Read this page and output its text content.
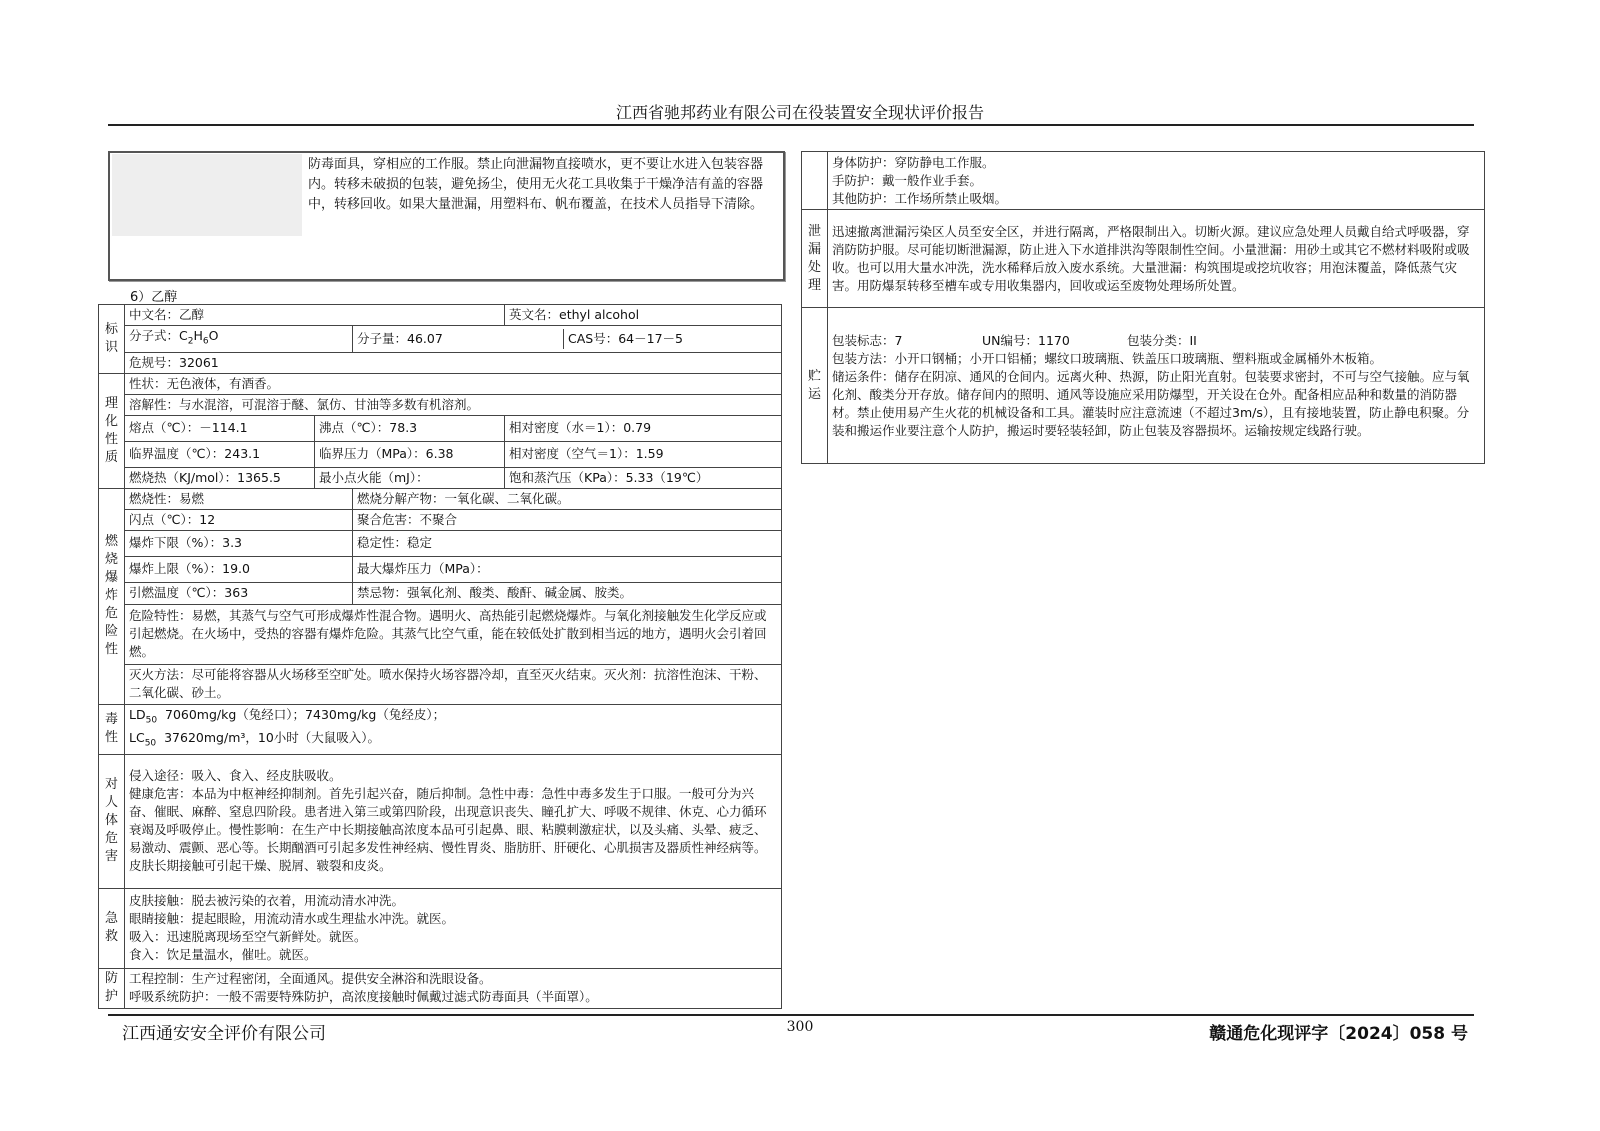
江西省驰邦药业有限公司在役装置安全现状评价报告
防毒面具，穿相应的工作服。禁止向泄漏物直接喷水，更不要让水进入包装容器内。转移未破损的包装，避免扬尘，使用无火花工具收集于干燥净洁有盖的容器中，转移回收。如果大量泄漏，用塑料布、帆布覆盖，在技术人员指导下清除。
6）乙醇
标识
	中文名：乙醇	英文名：ethyl alcohol
分子式：$C_2H_6O$		分子量：46.07	CAS号：64－17－5

危规号：32061

理化性质
	性状：无色液体，有酒香。
溶解性：与水混溶，可混溶于醚、氯仿、甘油等多数有机溶剂。
熔点（℃）：－114.1	沸点（℃）：78.3	相对密度（水＝1）：0.79
临界温度（℃）：243.1	临界压力（MPa）：6.38	相对密度（空气＝1）：1.59
燃烧热（KJ/mol）：1365.5	最小点火能（mJ）：	饱和蒸汽压（KPa）：5.33（19℃）

燃烧爆炸危险性
	燃烧性：易燃	燃烧分解产物：一氧化碳、二氧化碳。
闪点（℃）：12	聚合危害：不聚合
爆炸下限（%）：3.3	稳定性：稳定
爆炸上限（%）：19.0	最大爆炸压力（MPa）：
引燃温度（℃）：363	禁忌物：强氧化剂、酸类、酸酐、碱金属、胺类。
危险特性：易燃，其蒸气与空气可形成爆炸性混合物。遇明火、高热能引起燃烧爆炸。与氧化剂接触发生化学反应或引起燃烧。在火场中，受热的容器有爆炸危险。其蒸气比空气重，能在较低处扩散到相当远的地方，遇明火会引着回燃。
灭火方法：尽可能将容器从火场移至空旷处。喷水保持火场容器冷却，直至灭火结束。灭火剂：抗溶性泡沫、干粉、二氧化碳、砂土。

毒性

$LD_{50}$  7060mg/kg（兔经口）；7430mg/kg（兔经皮）；
$LC_{50}$  37620mg/m³，10小时（大鼠吸入）。

对人体危害

侵入途径：吸入、食入、经皮肤吸收。
健康危害：本品为中枢神经抑制剂。首先引起兴奋，随后抑制。急性中毒：急性中毒多发生于口服。一般可分为兴奋、催眠、麻醉、窒息四阶段。患者进入第三或第四阶段，出现意识丧失、瞳孔扩大、呼吸不规律、休克、心力循环衰竭及呼吸停止。慢性影响：在生产中长期接触高浓度本品可引起鼻、眼、粘膜刺激症状，以及头痛、头晕、疲乏、易激动、震颤、恶心等。长期酗酒可引起多发性神经病、慢性胃炎、脂肪肝、肝硬化、心肌损害及器质性神经病等。皮肤长期接触可引起干燥、脱屑、皲裂和皮炎。

急救

皮肤接触：脱去被污染的衣着，用流动清水冲洗。
眼睛接触：提起眼睑，用流动清水或生理盐水冲洗。就医。
吸入：迅速脱离现场至空气新鲜处。就医。
食入：饮足量温水，催吐。就医。

防护

工程控制：生产过程密闭，全面通风。提供安全淋浴和洗眼设备。
呼吸系统防护：一般不需要特殊防护，高浓度接触时佩戴过滤式防毒面具（半面罩）。

	身体防护：穿防静电工作服。
手防护：戴一般作业手套。
其他防护：工作场所禁止吸烟。

泄漏处理	迅速撤离泄漏污染区人员至安全区，并进行隔离，严格限制出入。切断火源。建议应急处理人员戴自给式呼吸器，穿消防防护服。尽可能切断泄漏源，防止进入下水道排洪沟等限制性空间。小量泄漏：用砂土或其它不燃材料吸附或吸收。也可以用大量水冲洗，洗水稀释后放入废水系统。大量泄漏：构筑围堤或挖坑收容；用泡沫覆盖，降低蒸气灾害。用防爆泵转移至槽车或专用收集器内，回收或运至废物处理场所处置。

贮运	包装标志：7 UN编号：1170 包装分类：II
包装方法：小开口钢桶；小开口铝桶；螺纹口玻璃瓶、铁盖压口玻璃瓶、塑料瓶或金属桶外木板箱。
储运条件：储存在阴凉、通风的仓间内。远离火种、热源，防止阳光直射。包装要求密封，不可与空气接触。应与氧化剂、酸类分开存放。储存间内的照明、通风等设施应采用防爆型，开关设在仓外。配备相应品种和数量的消防器材。禁止使用易产生火花的机械设备和工具。灌装时应注意流速（不超过3m/s），且有接地装置，防止静电积聚。分装和搬运作业要注意个人防护，搬运时要轻装轻卸，防止包装及容器损坏。运输按规定线路行驶。
江西通安安全评价有限公司	300	赣通危化现评字〔2024〕058 号
